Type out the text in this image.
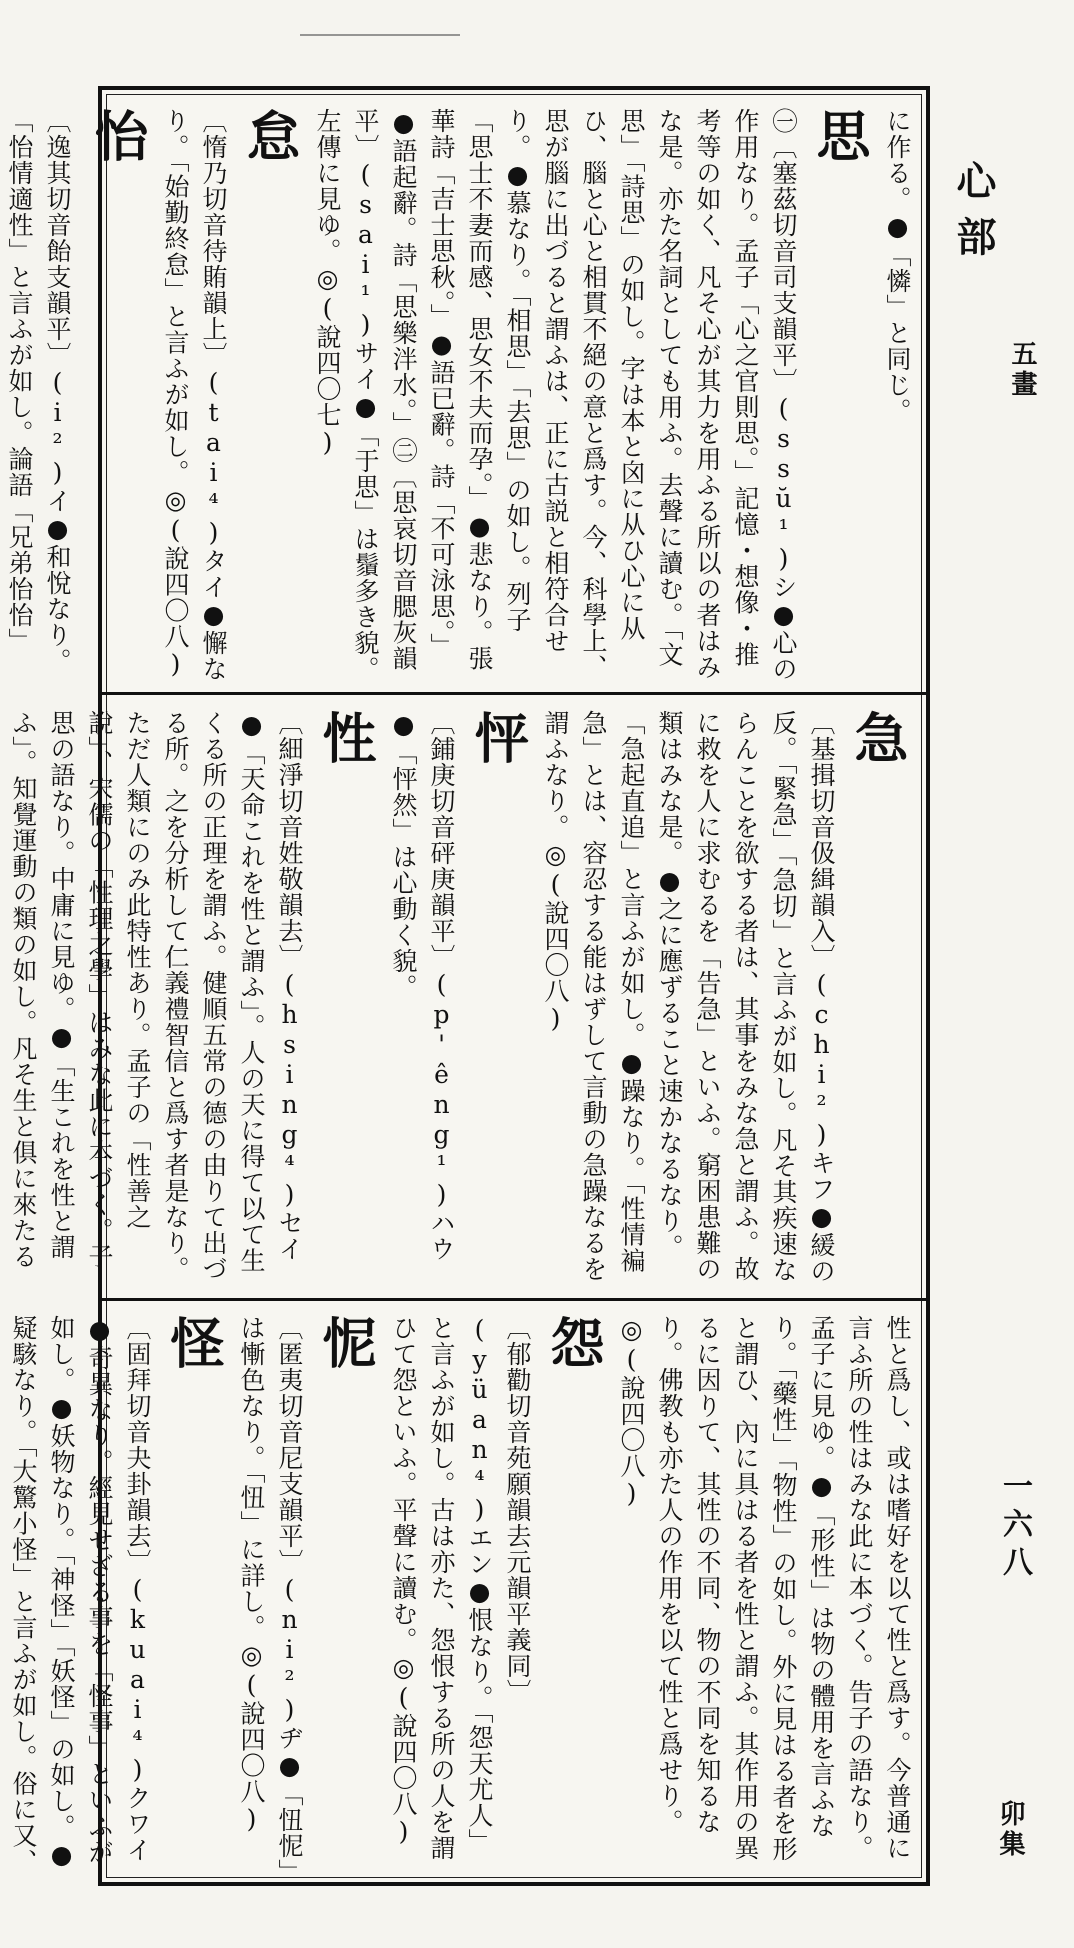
に作る。●「憐」と同じ。

思

㊀〔塞茲切音司支韻平〕(ssŭ¹)シ●心の作用なり。孟子「心之官則思。」記憶・想像・推考等の如く、凡そ心が其力を用ふる所以の者はみな是。亦た名詞としても用ふ。去聲に讀む。「文思」「詩思」の如し。字は本と囟に从ひ心に从ひ、腦と心と相貫不絕の意と爲す。今、科學上、思が腦に出づると謂ふは、正に古説と相符合せり。●慕なり。「相思」「去思」の如し。列子「思士不妻而感、思女不夫而孕。」●悲なり。張華詩「吉士思秋。」●語已辭。詩「不可泳思。」●語起辭。詩「思樂泮水。」㊁〔思哀切音腮灰韻平〕(sai¹)サイ●「于思」は鬚多き貌。左傳に見ゆ。◎(說四〇七)

怠

〔惰乃切音待賄韻上〕(tai⁴)タイ●懈なり。「始勤終怠」と言ふが如し。◎(說四〇八)

怡

〔逸其切音飴支韻平〕(i²)イ●和悅なり。「怡情適性」と言ふが如し。論語「兄弟怡怡」

急

〔基揖切音伋緝韻入〕(chi²)キフ●緩の反。「緊急」「急切」と言ふが如し。凡そ其疾速ならんことを欲する者は、其事をみな急と謂ふ。故に救を人に求むるを「告急」といふ。窮困患難の類はみな是。●之に應ずること速かなるなり。「急起直追」と言ふが如し。●躁なり。「性情褊急」とは、容忍する能はずして言動の急躁なるを謂ふなり。◎(說四〇八)

怦

〔鋪庚切音砰庚韻平〕(p'êng¹)ハウ●「怦然」は心動く貌。

性

〔細淨切音姓敬韻去〕(hsing⁴)セイ●「天命これを性と謂ふ」。人の天に得て以て生くる所の正理を謂ふ。健順五常の德の由りて出づる所。之を分析して仁義禮智信と爲す者是なり。ただ人類にのみ此特性あり。孟子の「性善之說」、宋儒の「性理之學」はみな此に本づく。子思の語なり。中庸に見ゆ。●「生これを性と謂ふ」。知覺運動の類の如し。凡そ生と俱に來たる

性と爲し、或は嗜好を以て性と爲す。今普通に言ふ所の性はみな此に本づく。告子の語なり。孟子に見ゆ。●「形性」は物の體用を言ふなり。「藥性」「物性」の如し。外に見はる者を形と謂ひ、內に具はる者を性と謂ふ。其作用の異るに因りて、其性の不同、物の不同を知るなり。佛教も亦た人の作用を以て性と爲せり。◎(說四〇八)

怨

〔郁勸切音苑願韻去元韻平義同〕(yüan⁴)エン●恨なり。「怨天尤人」と言ふが如し。古は亦た、怨恨する所の人を謂ひて怨といふ。平聲に讀む。◎(說四〇八)

怩

〔匿夷切音尼支韻平〕(ni²)ヂ●「忸怩」は慚色なり。「忸」に詳し。◎(說四〇八)

怪

〔固拜切音夬卦韻去〕(kuai⁴)クワイ●奇異なり。經見せざる事を「怪事」といふが如し。●妖物なり。「神怪」「妖怪」の如し。●疑駭なり。「大驚小怪」と言ふが如し。俗に又、

心部
五畫
一六八
卯集
